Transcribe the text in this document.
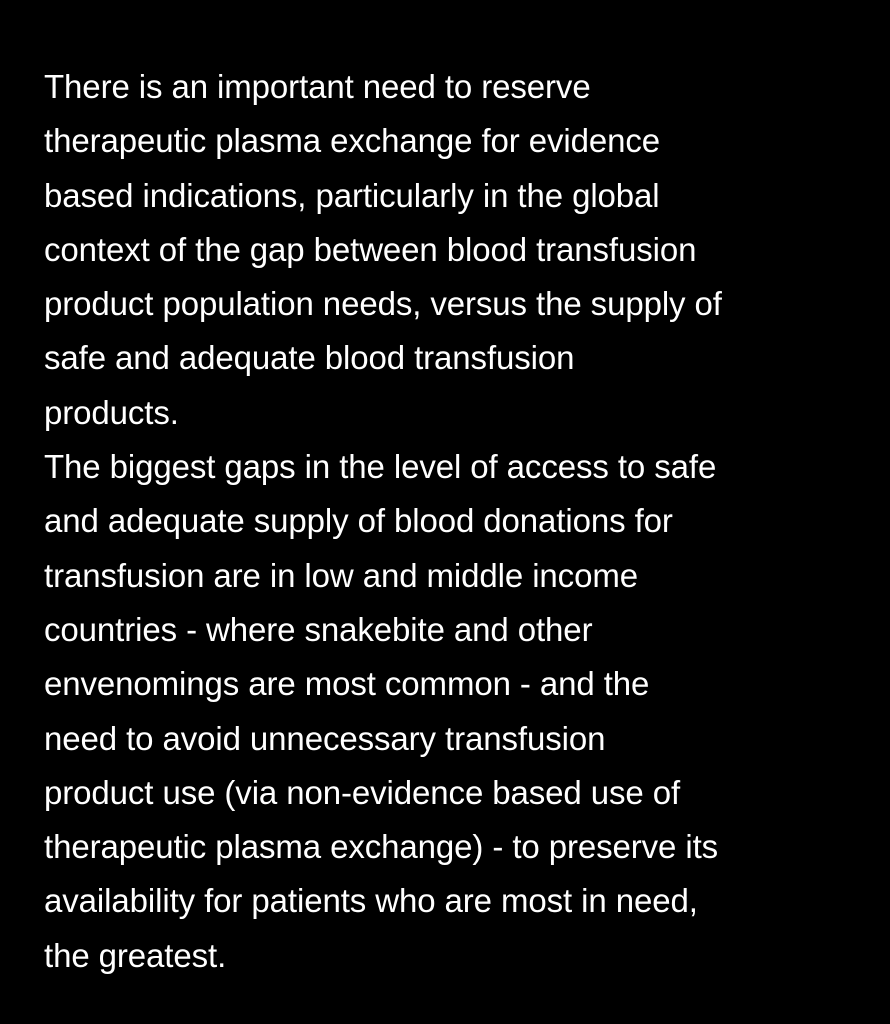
There is an important need to reserve
therapeutic plasma exchange for evidence
based indications, particularly in the global
context of the gap between blood transfusion
product population needs, versus the supply of
safe and adequate blood transfusion
products.
The biggest gaps in the level of access to safe
and adequate supply of blood donations for
transfusion are in low and middle income
countries - where snakebite and other
envenomings are most common - and the
need to avoid unnecessary transfusion
product use (via non-evidence based use of
therapeutic plasma exchange) - to preserve its
availability for patients who are most in need,
the greatest.
